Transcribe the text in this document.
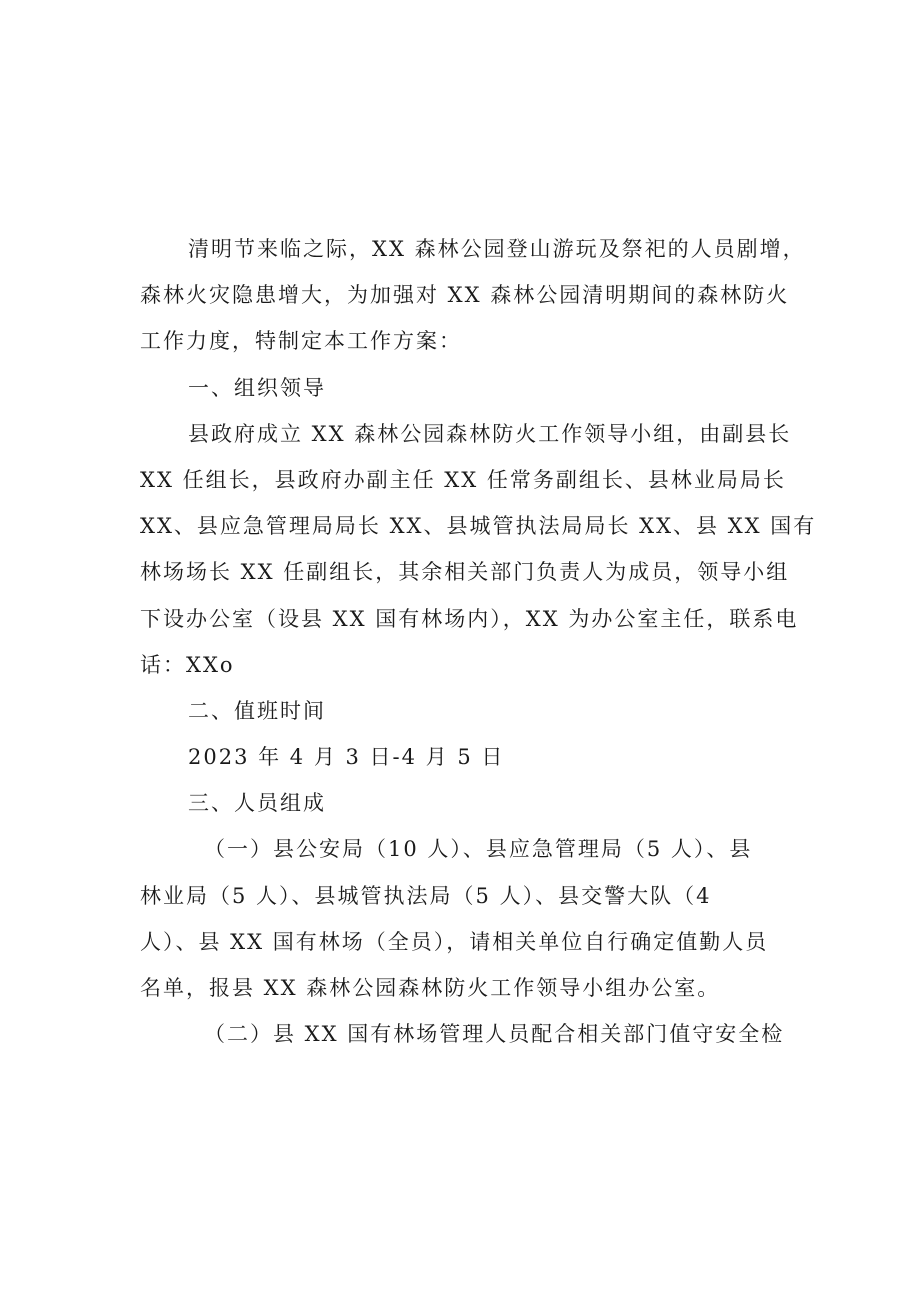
清明节来临之际，XX 森林公园登山游玩及祭祀的人员剧增，
森林火灾隐患增大，为加强对 XX 森林公园清明期间的森林防火
工作力度，特制定本工作方案：
一、组织领导
县政府成立 XX 森林公园森林防火工作领导小组，由副县长
XX 任组长，县政府办副主任 XX 任常务副组长、县林业局局长
XX、县应急管理局局长 XX、县城管执法局局长 XX、县 XX 国有
林场场长 XX 任副组长，其余相关部门负责人为成员，领导小组
下设办公室（设县 XX 国有林场内），XX 为办公室主任，联系电
话：XXo
二、值班时间
2023 年 4 月 3 日-4 月 5 日
三、人员组成
（一）县公安局（10 人）、县应急管理局（5 人）、县
林业局（5 人）、县城管执法局（5 人）、县交警大队（4
人）、县 XX 国有林场（全员），请相关单位自行确定值勤人员
名单，报县 XX 森林公园森林防火工作领导小组办公室。
（二）县 XX 国有林场管理人员配合相关部门值守安全检
